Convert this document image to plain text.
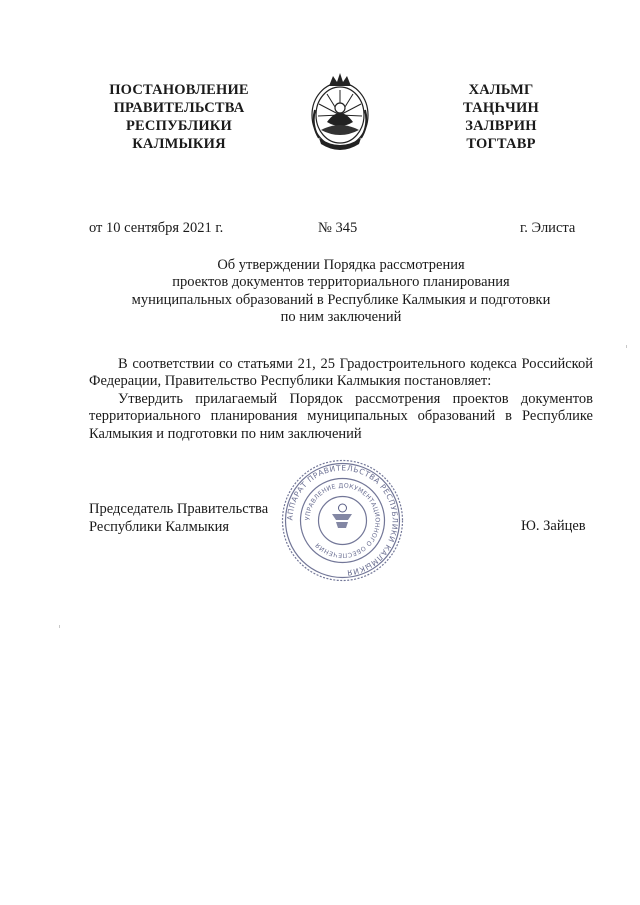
ПОСТАНОВЛЕНИЕ
ПРАВИТЕЛЬСТВА
РЕСПУБЛИКИ
КАЛМЫКИЯ
ХАЛЬМГ
ТАҢҺЧИН
ЗАЛВРИН
ТОГТАВР
от 10 сентября 2021 г.	№ 345	г. Элиста
Об утверждении Порядка рассмотрения
проектов документов территориального планирования
муниципальных образований в Республике Калмыкия и подготовки
по ним заключений

В соответствии со статьями 21, 25 Градостроительного кодекса Российской Федерации, Правительство Республики Калмыкия постановляет:

Утвердить прилагаемый Порядок рассмотрения проектов документов территориального планирования муниципальных образований в Республике Калмыкия и подготовки по ним заключений

Председатель Правительства
Республики Калмыкия	Ю. Зайцев
АППАРАТ ПРАВИТЕЛЬСТВА РЕСПУБЛИКИ КАЛМЫКИЯ
УПРАВЛЕНИЕ ДОКУМЕНТАЦИОННОГО ОБЕСПЕЧЕНИЯ
